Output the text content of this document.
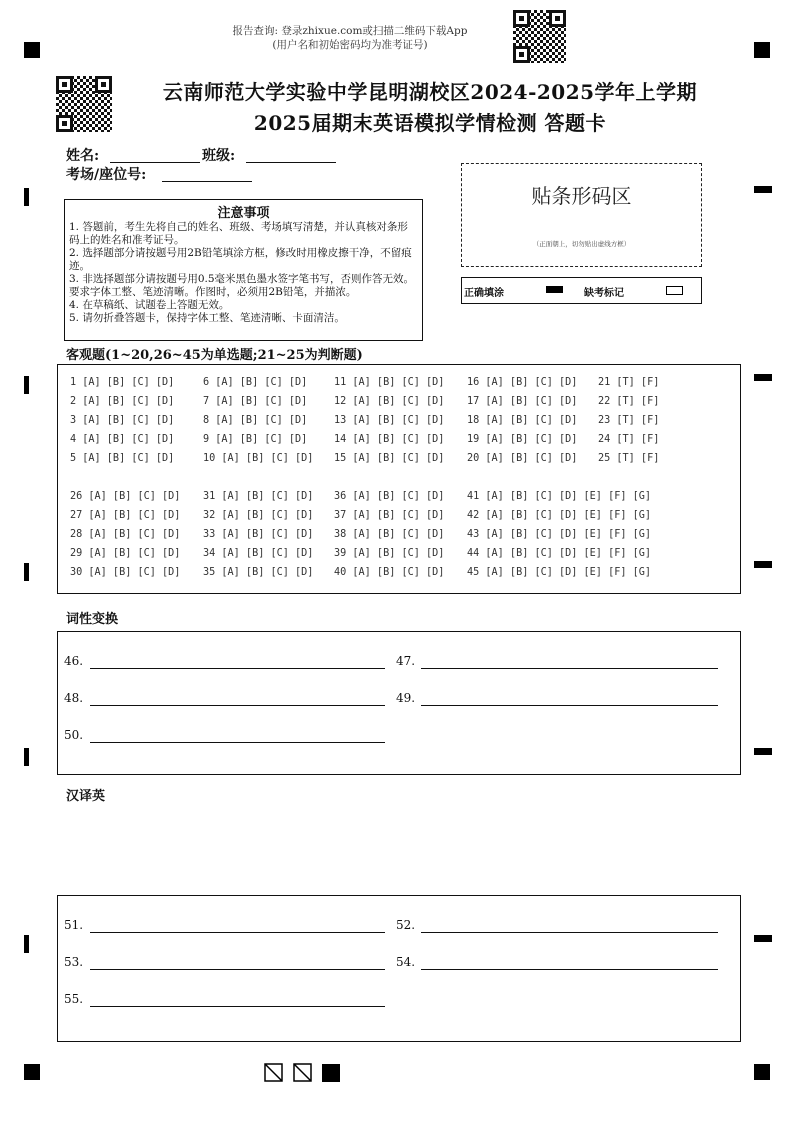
报告查询: 登录zhixue.com或扫描二维码下载App
(用户名和初始密码均为准考证号)
云南师范大学实验中学昆明湖校区2024-2025学年上学期
2025届期末英语模拟学情检测 答题卡
姓名:	班级:
考场/座位号:
注意事项
1. 答题前，考生先将自己的姓名、班级、考场填写清楚，并认真核对条形码上的姓名和准考证号。
2. 选择题部分请按题号用2B铅笔填涂方框，修改时用橡皮擦干净，不留痕迹。
3. 非选择题部分请按题号用0.5毫米黑色墨水签字笔书写，否则作答无效。要求字体工整、笔迹清晰。作图时，必须用2B铅笔，并描浓。
4. 在草稿纸、试题卷上答题无效。
5. 请勿折叠答题卡，保持字体工整、笔迹清晰、卡面清洁。
贴条形码区
（正面朝上，切勿贴出虚线方框）
正确填涂	缺考标记
客观题(1~20,26~45为单选题;21~25为判断题)
1 [A] [B] [C] [D]
2 [A] [B] [C] [D]
3 [A] [B] [C] [D]
4 [A] [B] [C] [D]
5 [A] [B] [C] [D]
6 [A] [B] [C] [D]
7 [A] [B] [C] [D]
8 [A] [B] [C] [D]
9 [A] [B] [C] [D]
10 [A] [B] [C] [D]
11 [A] [B] [C] [D]
12 [A] [B] [C] [D]
13 [A] [B] [C] [D]
14 [A] [B] [C] [D]
15 [A] [B] [C] [D]
16 [A] [B] [C] [D]
17 [A] [B] [C] [D]
18 [A] [B] [C] [D]
19 [A] [B] [C] [D]
20 [A] [B] [C] [D]
21 [T] [F]
22 [T] [F]
23 [T] [F]
24 [T] [F]
25 [T] [F]
26 [A] [B] [C] [D]
27 [A] [B] [C] [D]
28 [A] [B] [C] [D]
29 [A] [B] [C] [D]
30 [A] [B] [C] [D]
31 [A] [B] [C] [D]
32 [A] [B] [C] [D]
33 [A] [B] [C] [D]
34 [A] [B] [C] [D]
35 [A] [B] [C] [D]
36 [A] [B] [C] [D]
37 [A] [B] [C] [D]
38 [A] [B] [C] [D]
39 [A] [B] [C] [D]
40 [A] [B] [C] [D]
41 [A] [B] [C] [D] [E] [F] [G]
42 [A] [B] [C] [D] [E] [F] [G]
43 [A] [B] [C] [D] [E] [F] [G]
44 [A] [B] [C] [D] [E] [F] [G]
45 [A] [B] [C] [D] [E] [F] [G]
词性变换
46.	47.
48.	49.
50.
汉译英
51.	52.
53.	54.
55.
